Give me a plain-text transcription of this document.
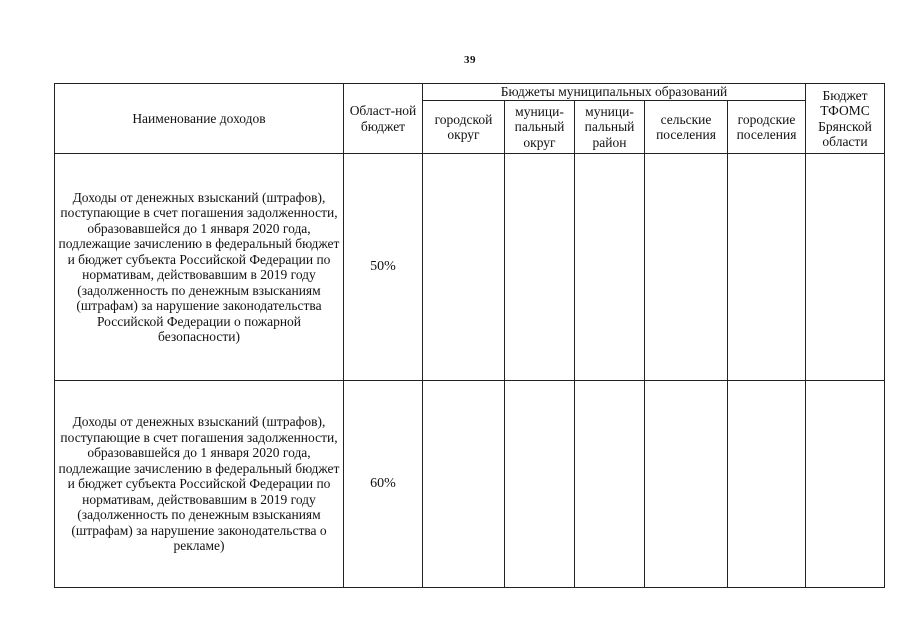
39
Наименование доходов	Област-ной бюджет	Бюджеты муниципальных образований					Бюджет ТФОМС Брянской области
		городской округ	муници-пальный округ	муници-пальный район	сельские поселения	городские поселения	
Доходы от денежных взысканий (штрафов), поступающие в счет погашения задолженности, образовавшейся до 1 января 2020 года, подлежащие зачислению в федеральный бюджет и бюджет субъекта Российской Федерации по нормативам, действовавшим в 2019 году (задолженность по денежным взысканиям (штрафам) за нарушение законодательства Российской Федерации о пожарной безопасности)	50%						
Доходы от денежных взысканий (штрафов), поступающие в счет погашения задолженности, образовавшейся до 1 января 2020 года, подлежащие зачислению в федеральный бюджет и бюджет субъекта Российской Федерации по нормативам, действовавшим в 2019 году (задолженность по денежным взысканиям (штрафам) за нарушение законодательства о рекламе)	60%						
